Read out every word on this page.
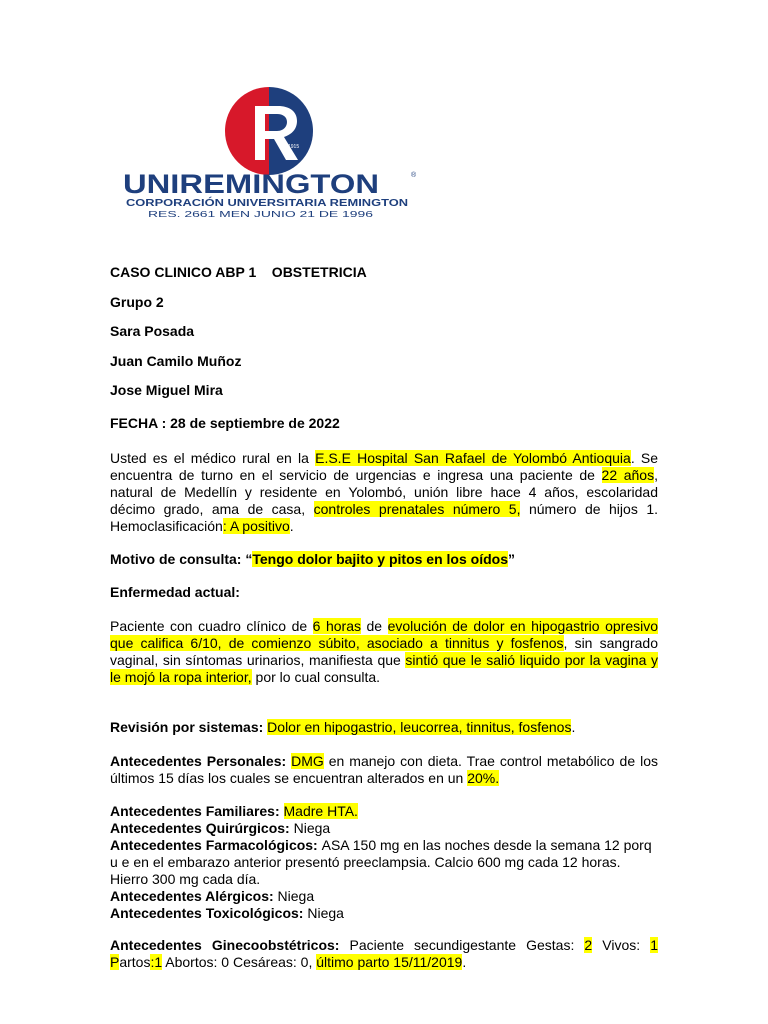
1915
UNIREMINGTON	®
CORPORACIÓN UNIVERSITARIA REMINGTON
RES. 2661 MEN JUNIO 21 DE 1996
CASO CLINICO ABP 1    OBSTETRICIA
Grupo 2
Sara Posada
Juan Camilo Muñoz
Jose Miguel Mira
FECHA : 28 de septiembre de 2022
Usted es el médico rural en la E.S.E Hospital San Rafael de Yolombó Antioquia. Se encuentra de turno en el servicio de urgencias e ingresa una paciente de 22 años, natural de Medellín y residente en Yolombó, unión libre hace 4 años, escolaridad décimo grado, ama de casa, controles prenatales número 5, número de hijos 1. Hemoclasificación: A positivo.
Motivo de consulta: “Tengo dolor bajito y pitos en los oídos”
Enfermedad actual:
Paciente con cuadro clínico de 6 horas de evolución de dolor en hipogastrio opresivo que califica 6/10, de comienzo súbito, asociado a tinnitus y fosfenos, sin sangrado vaginal, sin síntomas urinarios, manifiesta que sintió que le salió liquido por la vagina y le mojó la ropa interior, por lo cual consulta.
Revisión por sistemas: Dolor en hipogastrio, leucorrea, tinnitus, fosfenos.
Antecedentes Personales: DMG en manejo con dieta. Trae control metabólico de los últimos 15 días los cuales se encuentran alterados en un 20%.
Antecedentes Familiares: Madre HTA.
Antecedentes Quirúrgicos: Niega
Antecedentes Farmacológicos: ASA 150 mg en las noches desde la semana 12 porq u e en el embarazo anterior presentó preeclampsia. Calcio 600 mg cada 12 horas. Hierro 300 mg cada día.
Antecedentes Alérgicos: Niega
Antecedentes Toxicológicos: Niega
Antecedentes Ginecoobstétricos: Paciente secundigestante Gestas: 2 Vivos: 1 Partos:1 Abortos: 0 Cesáreas: 0, último parto 15/11/2019.
